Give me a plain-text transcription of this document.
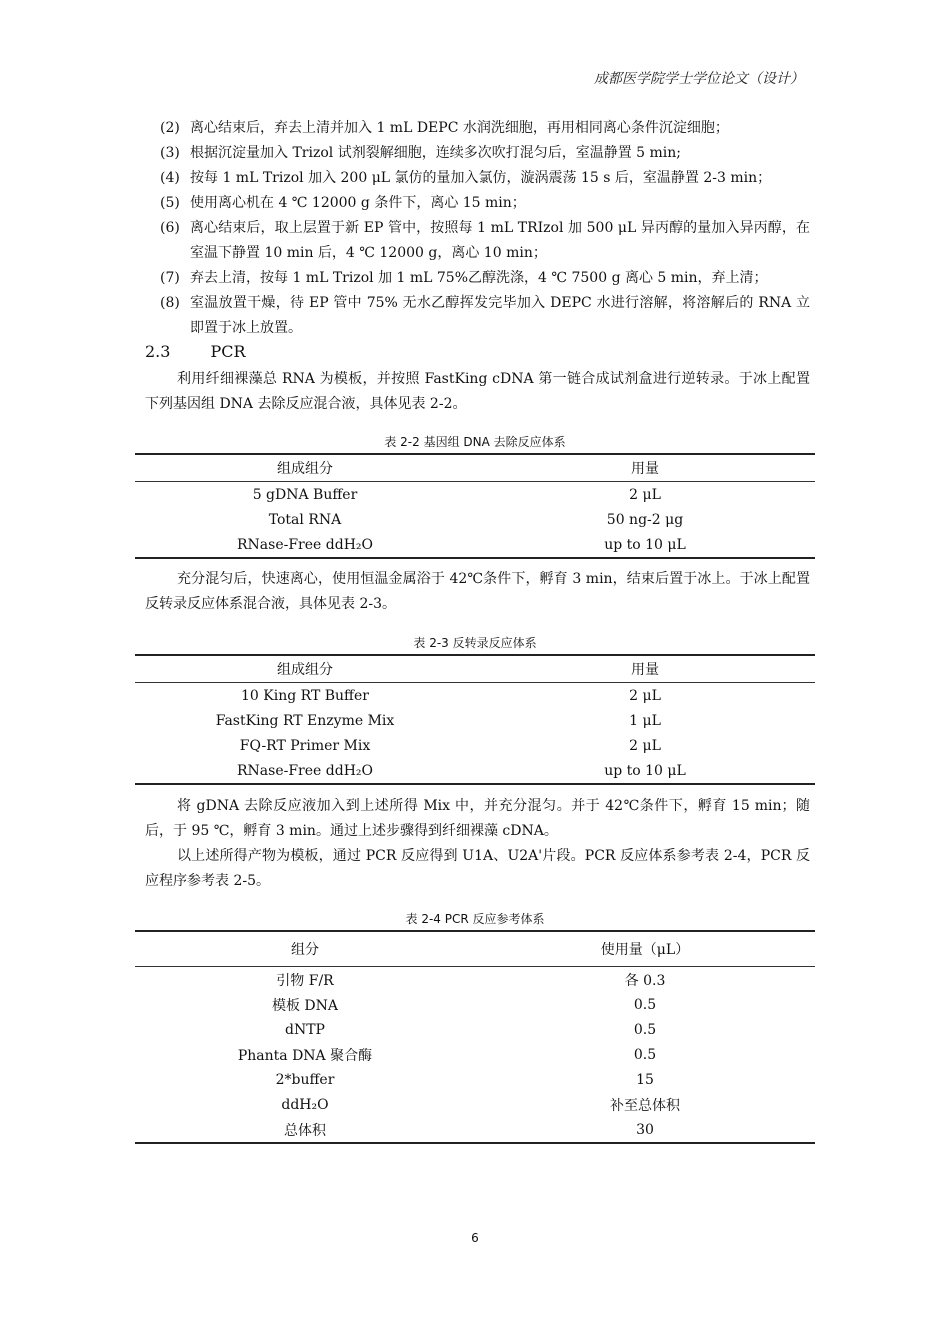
成都医学院学士学位论文（设计）
(2) 离心结束后，弃去上清并加入 1 mL DEPC 水润洗细胞，再用相同离心条件沉淀细胞；
(3) 根据沉淀量加入 Trizol 试剂裂解细胞，连续多次吹打混匀后，室温静置 5 min;
(4) 按每 1 mL Trizol 加入 200 μL 氯仿的量加入氯仿，漩涡震荡 15 s 后，室温静置 2-3 min；
(5) 使用离心机在 4 ℃ 12000 g 条件下，离心 15 min；
(6) 离心结束后，取上层置于新 EP 管中，按照每 1 mL TRIzol 加 500 μL 异丙醇的量加入异丙醇，在室温下静置 10 min 后，4 ℃ 12000 g，离心 10 min；
(7) 弃去上清，按每 1 mL Trizol 加 1 mL 75%乙醇洗涤，4 ℃ 7500 g 离心 5 min，弃上清；
(8) 室温放置干燥，待 EP 管中 75% 无水乙醇挥发完毕加入 DEPC 水进行溶解，将溶解后的 RNA 立即置于冰上放置。
2.3	PCR
利用纤细裸藻总 RNA 为模板，并按照 FastKing cDNA 第一链合成试剂盒进行逆转录。于冰上配置下列基因组 DNA 去除反应混合液，具体见表 2-2。
表 2-2 基因组 DNA 去除反应体系
组成组分	用量
5 gDNA Buffer	2 μL
Total RNA	50 ng-2 μg
RNase-Free ddH₂O	up to 10 μL
充分混匀后，快速离心，使用恒温金属浴于 42℃条件下，孵育 3 min，结束后置于冰上。于冰上配置反转录反应体系混合液，具体见表 2-3。
表 2-3 反转录反应体系
组成组分	用量
10 King RT Buffer	2 μL
FastKing RT Enzyme Mix	1 μL
FQ-RT Primer Mix	2 μL
RNase-Free ddH₂O	up to 10 μL
将 gDNA 去除反应液加入到上述所得 Mix 中，并充分混匀。并于 42℃条件下，孵育 15 min；随后，于 95 ℃，孵育 3 min。通过上述步骤得到纤细裸藻 cDNA。
以上述所得产物为模板，通过 PCR 反应得到 U1A、U2A'片段。PCR 反应体系参考表 2-4，PCR 反应程序参考表 2-5。
表 2-4 PCR 反应参考体系
组分	使用量（μL）
引物 F/R	各 0.3
模板 DNA	0.5
dNTP	0.5
Phanta DNA 聚合酶	0.5
2*buffer	15
ddH₂O	补至总体积
总体积	30
6
